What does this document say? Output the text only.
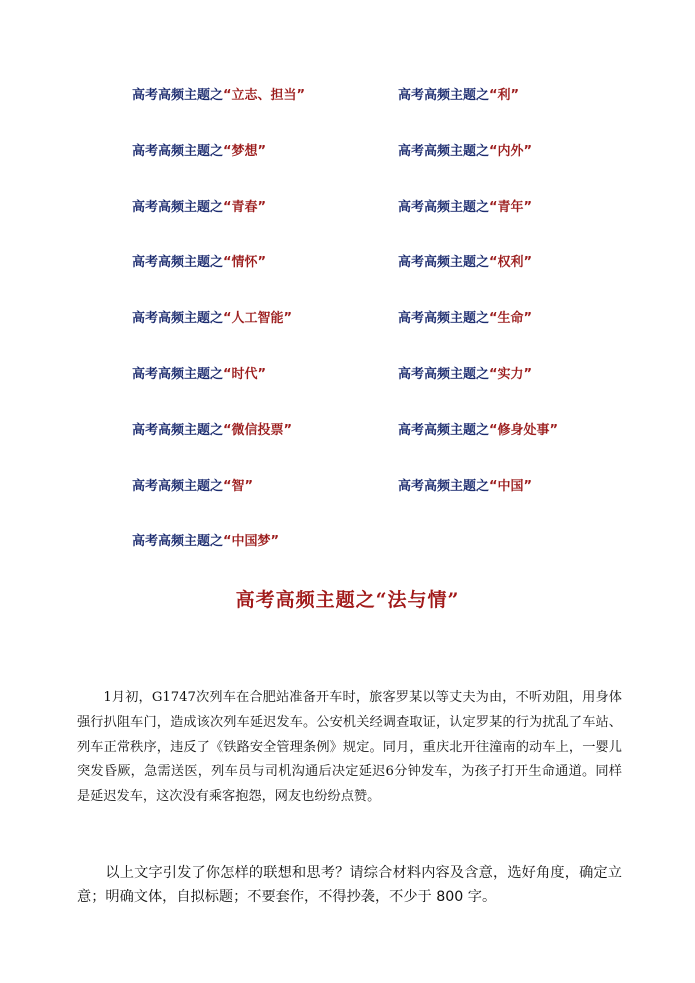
高考高频主题之“立志、担当”	高考高频主题之“利”
高考高频主题之“梦想”	高考高频主题之“内外”
高考高频主题之“青春”	高考高频主题之“青年”
高考高频主题之“情怀”	高考高频主题之“权利”
高考高频主题之“人工智能”	高考高频主题之“生命”
高考高频主题之“时代”	高考高频主题之“实力”
高考高频主题之“微信投票”	高考高频主题之“修身处事”
高考高频主题之“智”	高考高频主题之“中国”
高考高频主题之“中国梦”
高考高频主题之“法与情”

1月初，G1747次列车在合肥站准备开车时，旅客罗某以等丈夫为由，不听劝阻，用身体强行扒阻车门，造成该次列车延迟发车。公安机关经调查取证，认定罗某的行为扰乱了车站、列车正常秩序，违反了《铁路安全管理条例》规定。同月，重庆北开往潼南的动车上，一婴儿突发昏厥，急需送医，列车员与司机沟通后决定延迟6分钟发车，为孩子打开生命通道。同样是延迟发车，这次没有乘客抱怨，网友也纷纷点赞。

以上文字引发了你怎样的联想和思考？请综合材料内容及含意，选好角度，确定立意；明确文体，自拟标题；不要套作，不得抄袭，不少于 800 字。
